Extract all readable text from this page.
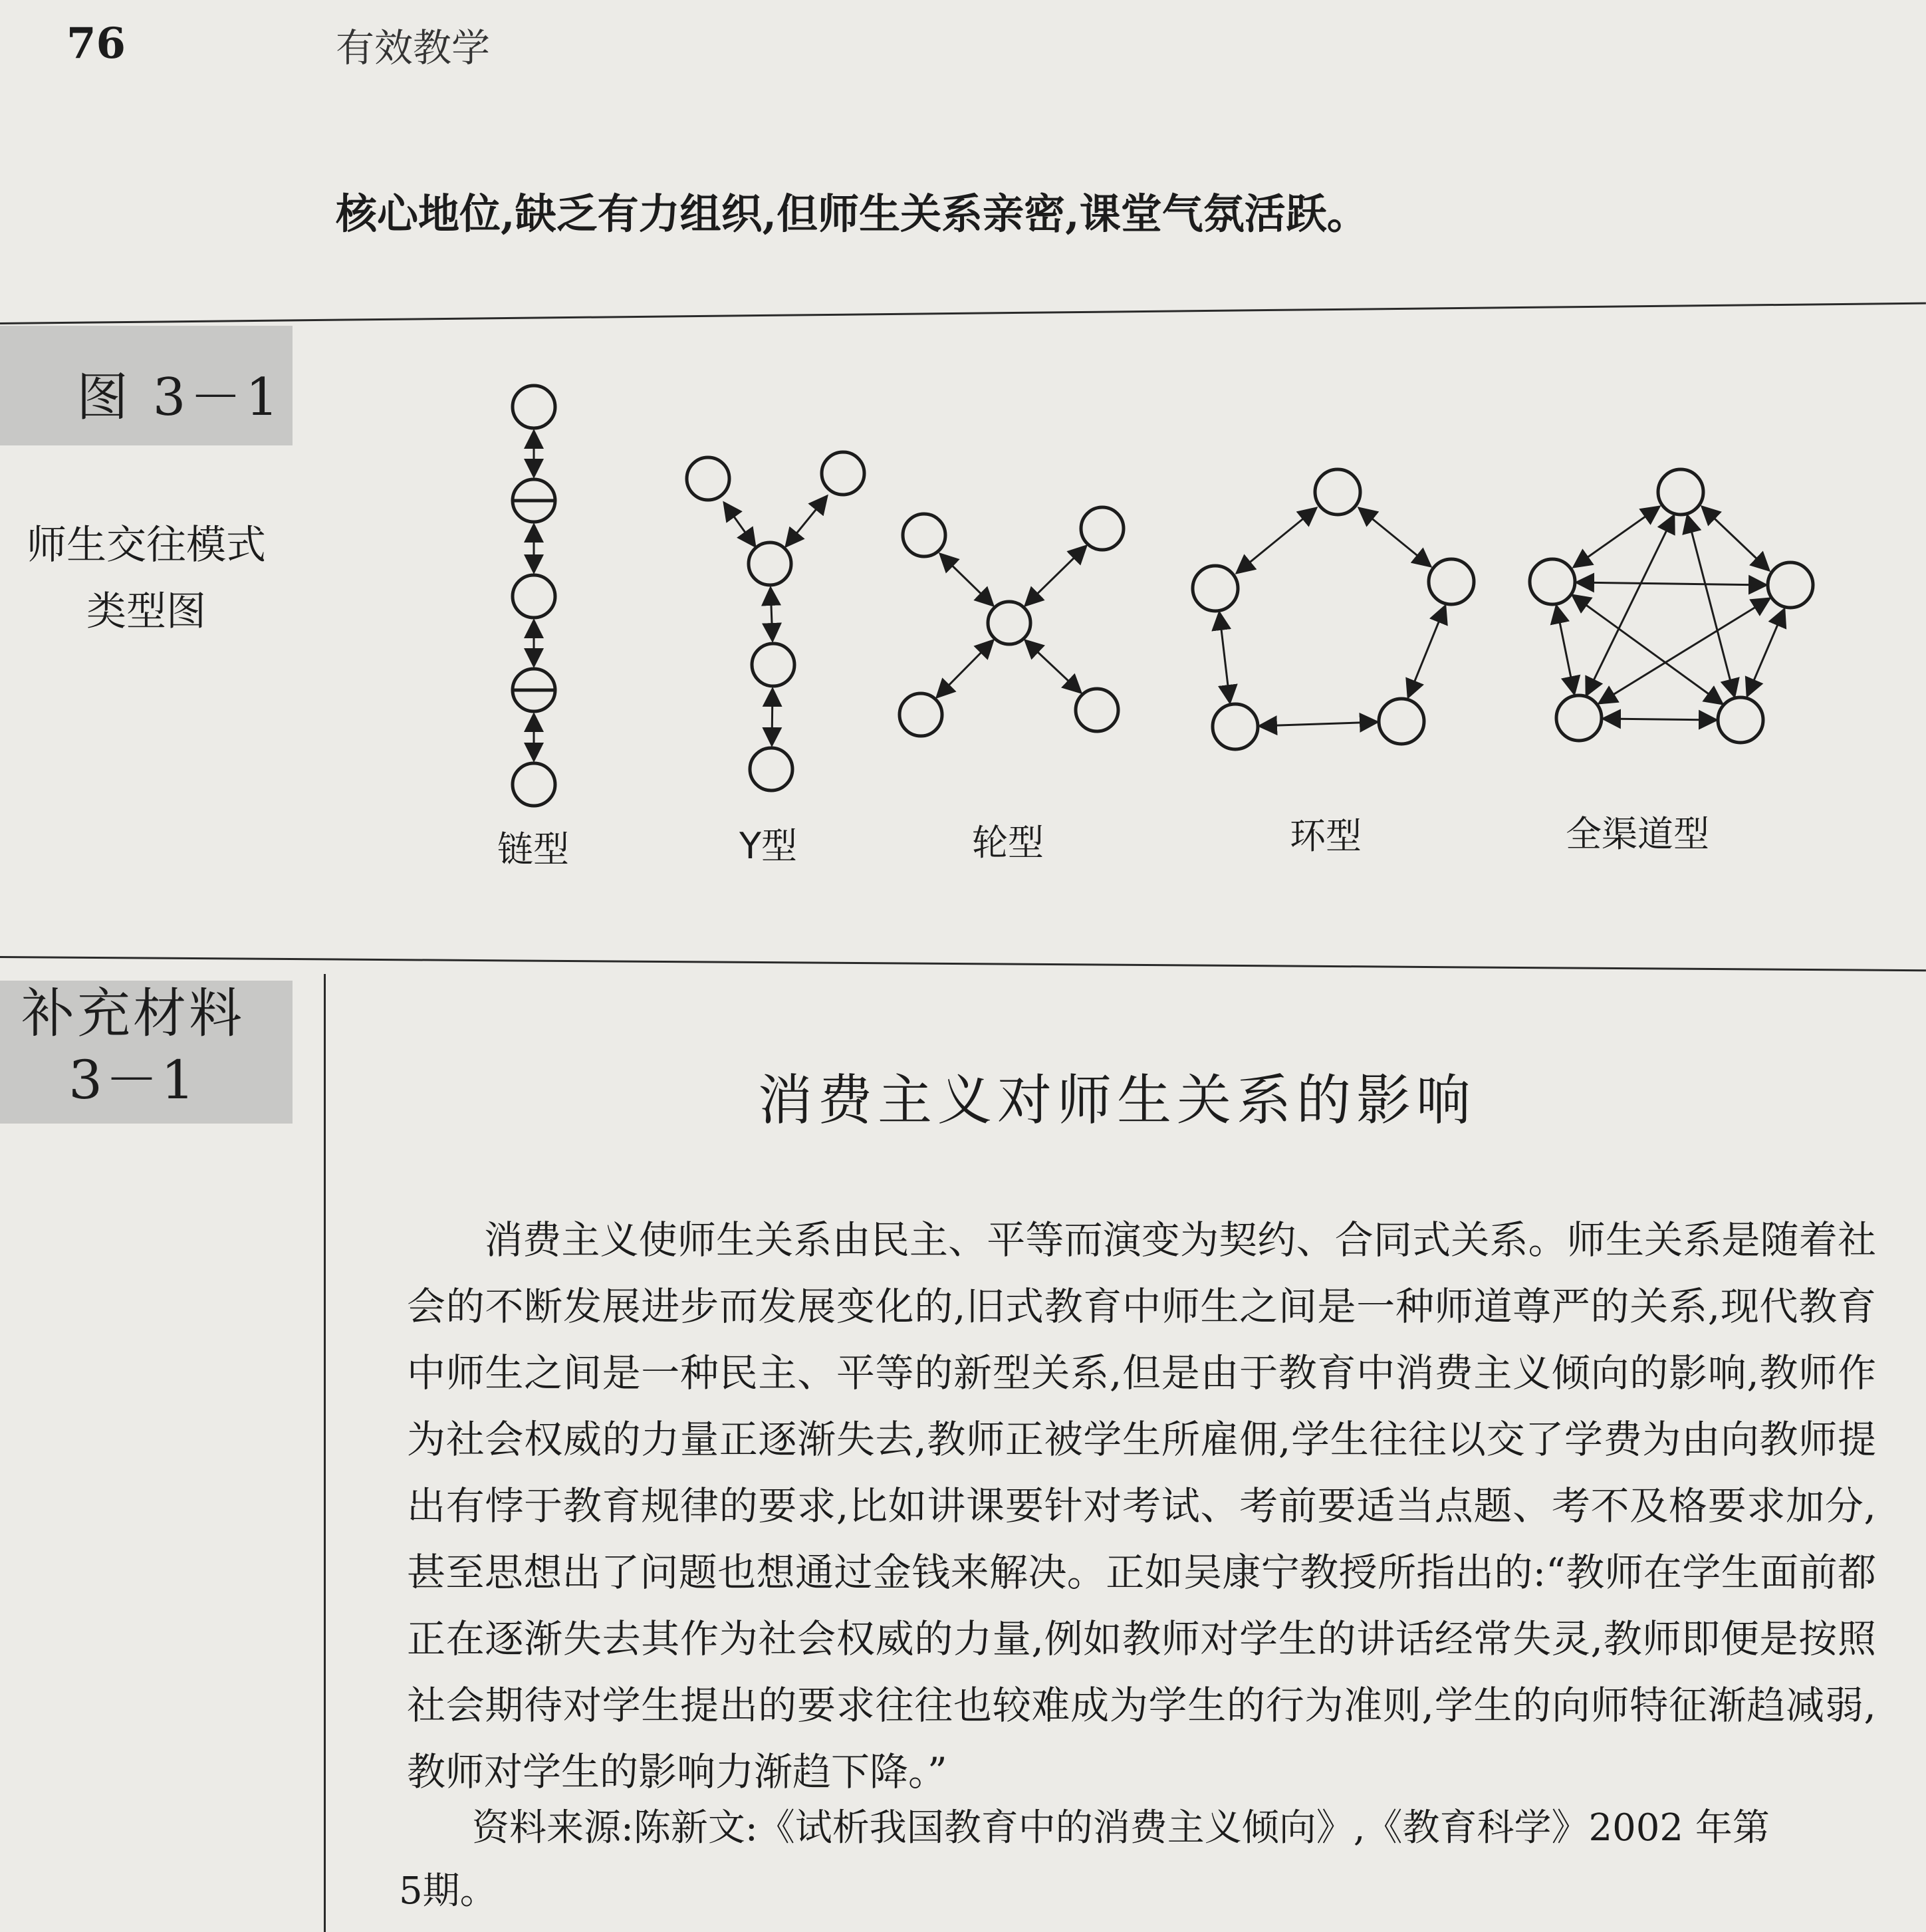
76	有效教学
核心地位,缺乏有力组织,但师生关系亲密,课堂气氛活跃。
图 3－1
师生交往模式
类型图
链型	Y型	轮型	环型	全渠道型
补充材料
3－1	消费主义对师生关系的影响

消费主义使师生关系由民主、平等而演变为契约、合同式关系。师生关系是随着社会的不断发展进步而发展变化的,旧式教育中师生之间是一种师道尊严的关系,现代教育中师生之间是一种民主、平等的新型关系,但是由于教育中消费主义倾向的影响,教师作为社会权威的力量正逐渐失去,教师正被学生所雇佣,学生往往以交了学费为由向教师提出有悖于教育规律的要求,比如讲课要针对考试、考前要适当点题、考不及格要求加分,甚至思想出了问题也想通过金钱来解决。正如吴康宁教授所指出的:“教师在学生面前都正在逐渐失去其作为社会权威的力量,例如教师对学生的讲话经常失灵,教师即便是按照社会期待对学生提出的要求往往也较难成为学生的行为准则,学生的向师特征渐趋减弱,教师对学生的影响力渐趋下降。”

资料来源:陈新文:《试析我国教育中的消费主义倾向》,《教育科学》2002 年第
5期。
